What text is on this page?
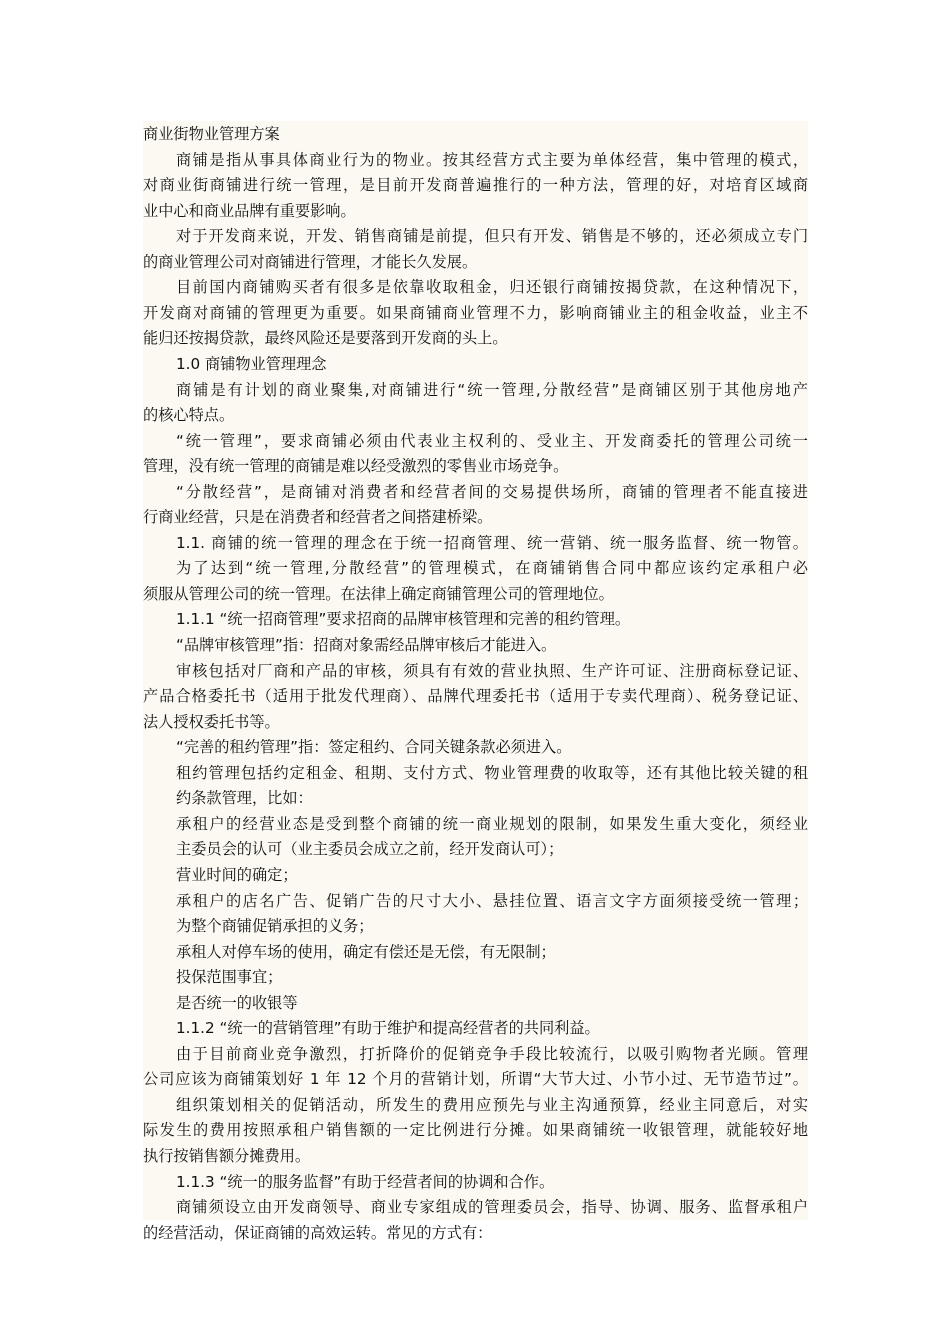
商业街物业管理方案
商铺是指从事具体商业行为的物业。按其经营方式主要为单体经营，集中管理的模式，
对商业街商铺进行统一管理，是目前开发商普遍推行的一种方法，管理的好，对培育区域商
业中心和商业品牌有重要影响。
对于开发商来说，开发、销售商铺是前提，但只有开发、销售是不够的，还必须成立专门
的商业管理公司对商铺进行管理，才能长久发展。
目前国内商铺购买者有很多是依靠收取租金，归还银行商铺按揭贷款，在这种情况下，
开发商对商铺的管理更为重要。如果商铺商业管理不力，影响商铺业主的租金收益，业主不
能归还按揭贷款，最终风险还是要落到开发商的头上。
1.0 商铺物业管理理念
商铺是有计划的商业聚集,对商铺进行“统一管理,分散经营”是商铺区别于其他房地产
的核心特点。
“统一管理”，要求商铺必须由代表业主权利的、受业主、开发商委托的管理公司统一
管理，没有统一管理的商铺是难以经受激烈的零售业市场竞争。
“分散经营”，是商铺对消费者和经营者间的交易提供场所，商铺的管理者不能直接进
行商业经营，只是在消费者和经营者之间搭建桥梁。
1.1. 商铺的统一管理的理念在于统一招商管理、统一营销、统一服务监督、统一物管。
为了达到“统一管理,分散经营”的管理模式，在商铺销售合同中都应该约定承租户必
须服从管理公司的统一管理。在法律上确定商铺管理公司的管理地位。
1.1.1 “统一招商管理”要求招商的品牌审核管理和完善的租约管理。
“品牌审核管理”指：招商对象需经品牌审核后才能进入。
审核包括对厂商和产品的审核，须具有有效的营业执照、生产许可证、注册商标登记证、
产品合格委托书（适用于批发代理商）、品牌代理委托书（适用于专卖代理商）、税务登记证、
法人授权委托书等。
“完善的租约管理”指：签定租约、合同关键条款必须进入。
租约管理包括约定租金、租期、支付方式、物业管理费的收取等，还有其他比较关键的租
约条款管理，比如：
承租户的经营业态是受到整个商铺的统一商业规划的限制，如果发生重大变化，须经业
主委员会的认可（业主委员会成立之前，经开发商认可）；
营业时间的确定；
承租户的店名广告、促销广告的尺寸大小、悬挂位置、语言文字方面须接受统一管理；
为整个商铺促销承担的义务；
承租人对停车场的使用，确定有偿还是无偿，有无限制；
投保范围事宜；
是否统一的收银等
1.1.2 “统一的营销管理”有助于维护和提高经营者的共同利益。
由于目前商业竞争激烈，打折降价的促销竞争手段比较流行，以吸引购物者光顾。管理
公司应该为商铺策划好 1 年 12 个月的营销计划，所谓“大节大过、小节小过、无节造节过”。
组织策划相关的促销活动，所发生的费用应预先与业主沟通预算，经业主同意后，对实
际发生的费用按照承租户销售额的一定比例进行分摊。如果商铺统一收银管理，就能较好地
执行按销售额分摊费用。
1.1.3 “统一的服务监督”有助于经营者间的协调和合作。
商铺须设立由开发商领导、商业专家组成的管理委员会，指导、协调、服务、监督承租户
的经营活动，保证商铺的高效运转。常见的方式有：
